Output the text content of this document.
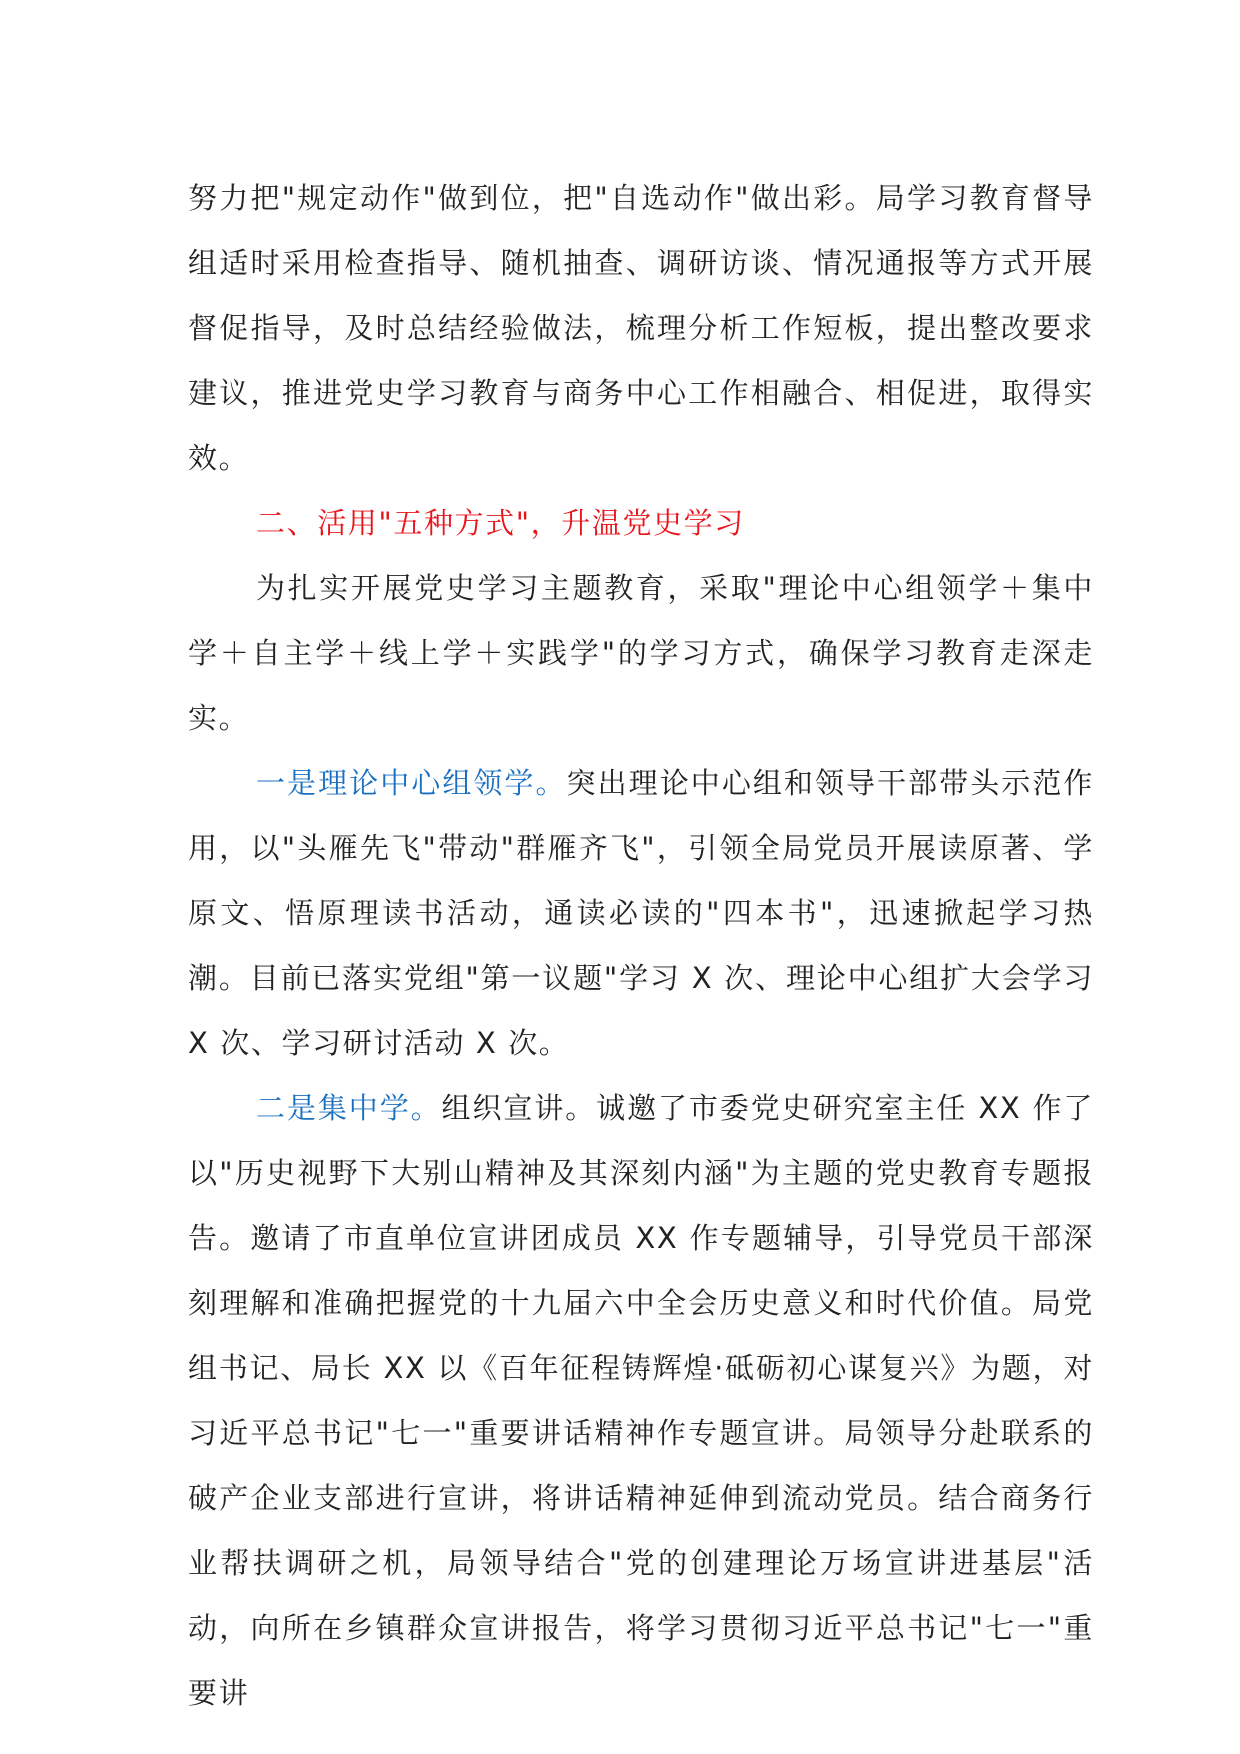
努力把"规定动作"做到位，把"自选动作"做出彩。局学习教育督导组适时采用检查指导、随机抽查、调研访谈、情况通报等方式开展督促指导，及时总结经验做法，梳理分析工作短板，提出整改要求建议，推进党史学习教育与商务中心工作相融合、相促进，取得实效。

二、活用"五种方式"，升温党史学习

为扎实开展党史学习主题教育，采取"理论中心组领学＋集中学＋自主学＋线上学＋实践学"的学习方式，确保学习教育走深走实。

一是理论中心组领学。突出理论中心组和领导干部带头示范作用，以"头雁先飞"带动"群雁齐飞"，引领全局党员开展读原著、学原文、悟原理读书活动，通读必读的"四本书"，迅速掀起学习热潮。目前已落实党组"第一议题"学习 X 次、理论中心组扩大会学习 X 次、学习研讨活动 X 次。

二是集中学。组织宣讲。诚邀了市委党史研究室主任 XX 作了以"历史视野下大别山精神及其深刻内涵"为主题的党史教育专题报告。邀请了市直单位宣讲团成员 XX 作专题辅导，引导党员干部深刻理解和准确把握党的十九届六中全会历史意义和时代价值。局党组书记、局长 XX 以《百年征程铸辉煌·砥砺初心谋复兴》为题，对习近平总书记"七一"重要讲话精神作专题宣讲。局领导分赴联系的破产企业支部进行宣讲，将讲话精神延伸到流动党员。结合商务行业帮扶调研之机，局领导结合"党的创建理论万场宣讲进基层"活动，向所在乡镇群众宣讲报告，将学习贯彻习近平总书记"七一"重要讲
